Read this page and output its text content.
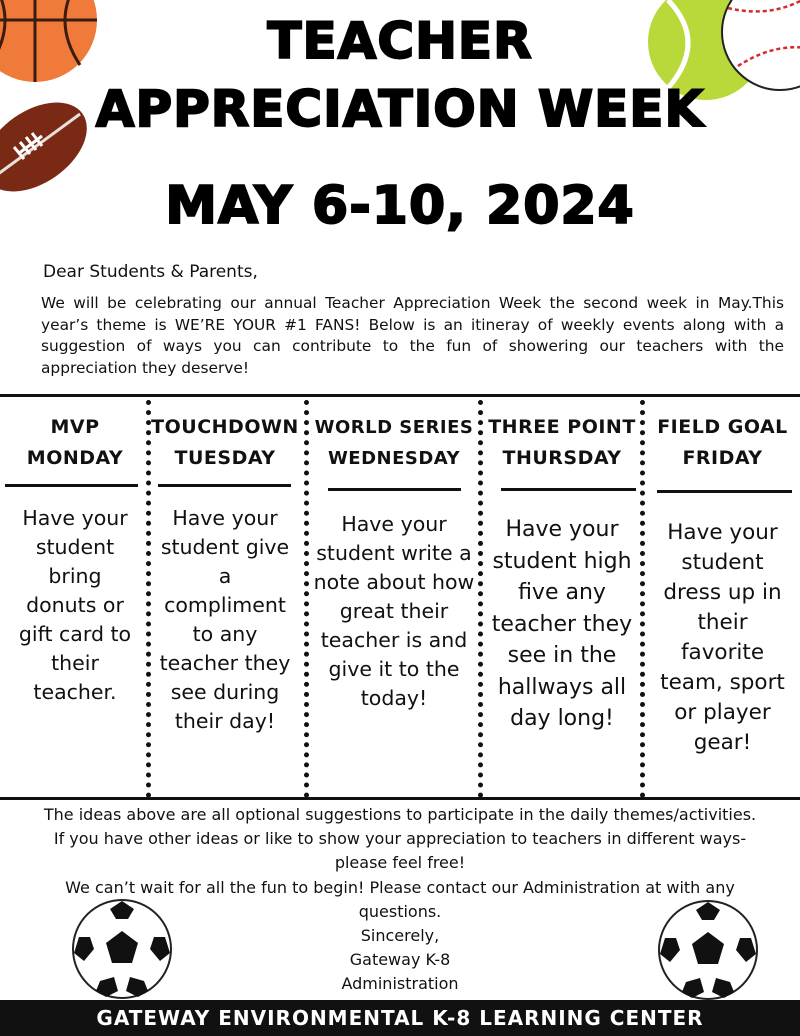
TEACHER
APPRECIATION WEEK
MAY 6-10, 2024
Dear Students & Parents,
We will be celebrating our annual Teacher Appreciation Week the second week in May.This year’s theme is WE’RE YOUR #1 FANS! Below is an itineray of weekly events along with a suggestion of ways you can contribute to the fun of showering our teachers with the appreciation they deserve!
MVP
MONDAY
Have your student bring donuts or gift card to their teacher.
TOUCHDOWN
TUESDAY
Have your student give a compliment to any teacher they see during their day!
WORLD SERIES
WEDNESDAY
Have your student write a note about how great their teacher is and give it to the today!
THREE POINT
THURSDAY
Have your student high five any teacher they see in the hallways all day long!
FIELD GOAL
FRIDAY
Have your student dress up in their favorite team, sport or player gear!
The ideas above are all optional suggestions to participate in the daily themes/activities.
If you have other ideas or like to show your appreciation to teachers in different ways-
please feel free!
We can’t wait for all the fun to begin! Please contact our Administration at with any
questions.
Sincerely,
Gateway K-8
Administration
GATEWAY ENVIRONMENTAL K-8 LEARNING CENTER
